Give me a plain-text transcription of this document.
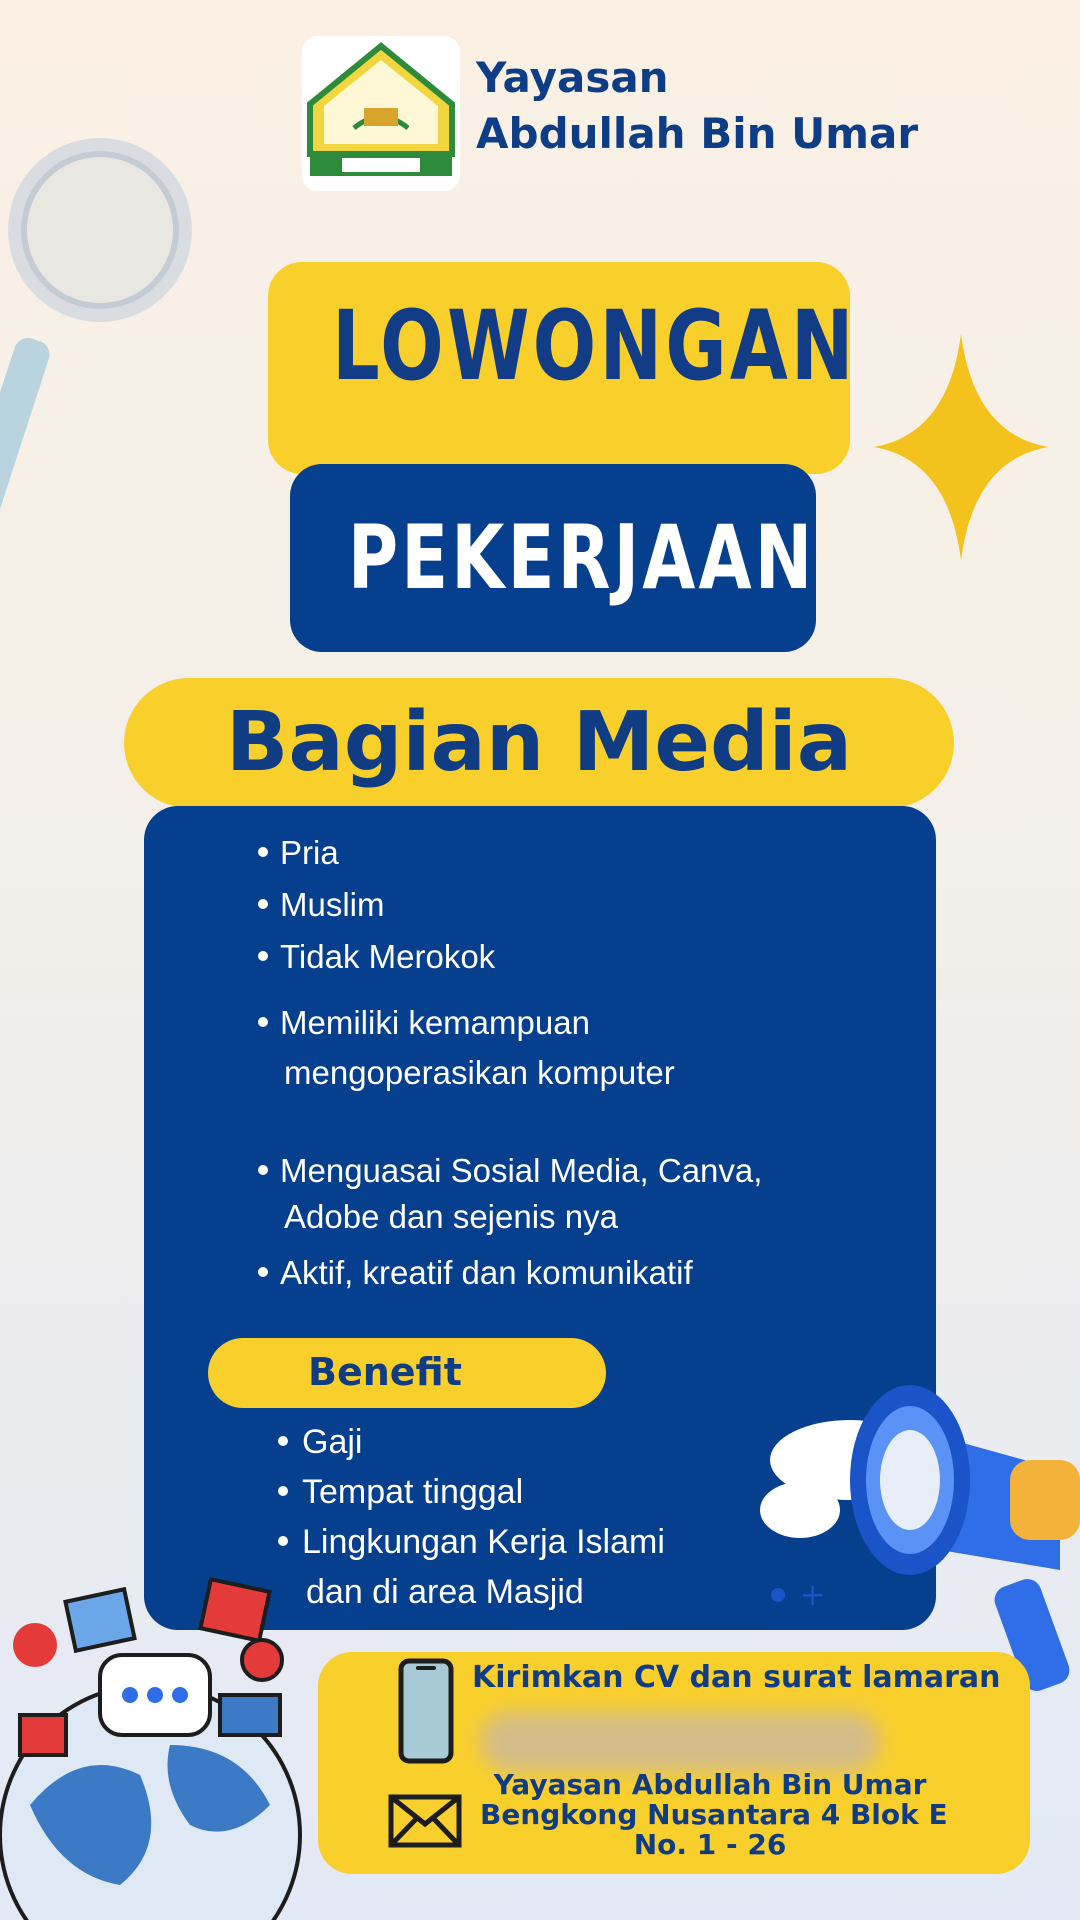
Yayasan
Abdullah Bin Umar
LOWONGAN
PEKERJAAN
Bagian Media
Pria
Muslim
Tidak Merokok
Memiliki kemampuan
mengoperasikan komputer
Menguasai Sosial Media, Canva,
Adobe dan sejenis nya
Aktif, kreatif dan komunikatif
Benefit
Gaji
Tempat tinggal
Lingkungan Kerja Islami
dan di area Masjid	+
Kirimkan CV dan surat lamaran
Yayasan Abdullah Bin Umar
Bengkong Nusantara 4 Blok E
No. 1 - 26
